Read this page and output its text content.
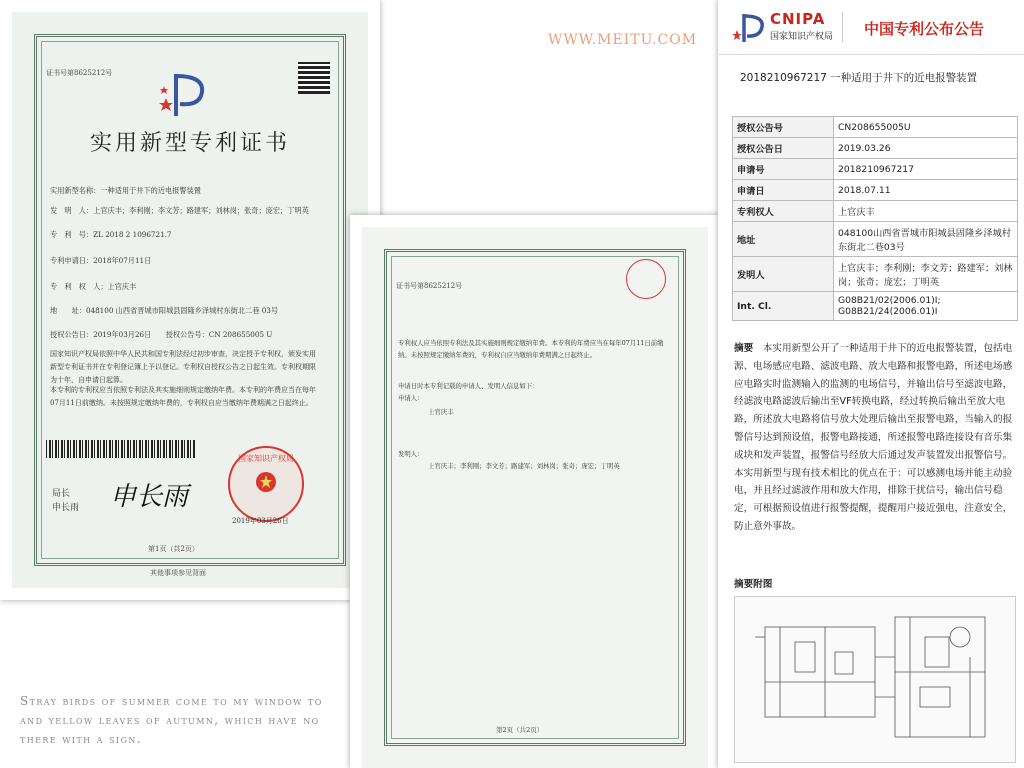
WWW.MEITU.COM
证书号第8625212号
实用新型专利证书
实用新型名称：一种适用于井下的近电报警装置
发　明　人：上官庆丰；李利刚；李文芳；路建军；刘林岗；张奇；庞宏；丁明英
专　利　号：ZL 2018 2 1096721.7
专利申请日：2018年07月11日
专　利　权　人：上官庆丰
地　　址：048100 山西省晋城市阳城县固隆乡泽城村东街北二巷 03号
授权公告日：2019年03月26日　　授权公告号：CN 208655005 U
国家知识产权局依照中华人民共和国专利法经过初步审查，决定授予专利权，颁发实用新型专利证书并在专利登记簿上予以登记。专利权自授权公告之日起生效。专利权期限为十年，自申请日起算。
本专利的专利权应当依照专利法及其实施细则规定缴纳年费。本专利的年费应当在每年07月11日前缴纳。未按照规定缴纳年费的，专利权自应当缴纳年费期满之日起终止。
局长
申长雨 申长雨
国家知识产权局
2019年03月26日
第1页（共2页）
其他事项参见背面
证书号第8625212号
专利权人应当依照专利法及其实施细则规定缴纳年费。本专利的年费应当在每年07月11日前缴纳。未按照规定缴纳年费的，专利权自应当缴纳年费期满之日起终止。
申请日时本专利记载的申请人、发明人信息如下：
申请人：
上官庆丰
发明人：
上官庆丰；李利刚；李文芳；路建军；刘林岗；张奇；庞宏；丁明英
第2页（共2页）
CNIPA
国家知识产权局 中国专利公布公告
2018210967217 一种适用于井下的近电报警装置
授权公告号	CN208655005U
授权公告日	2019.03.26
申请号	2018210967217
申请日	2018.07.11
专利权人	上官庆丰
地址	048100山西省晋城市阳城县固隆乡泽城村东街北二巷03号
发明人	上官庆丰；李利刚；李文芳；路建军；刘林岗；张奇；庞宏；丁明英
Int. Cl.	G08B21/02(2006.01)I; G08B21/24(2006.01)I
摘要　 本实用新型公开了一种适用于井下的近电报警装置，包括电源、电场感应电路、滤波电路、放大电路和报警电路，所述电场感应电路实时监测输入的监测的电场信号，并输出信号至滤波电路，经滤波电路滤波后输出至VF转换电路，经过转换后输出至放大电路，所述放大电路将信号放大处理后输出至报警电路，当输入的报警信号达到预设值，报警电路接通，所述报警电路连接设有音乐集成块和发声装置，报警信号经放大后通过发声装置发出报警信号。本实用新型与现有技术相比的优点在于：可以感测电场并能主动验电，并且经过滤波作用和放大作用，排除干扰信号，输出信号稳定，可根据预设值进行报警提醒，提醒用户接近强电，注意安全，防止意外事故。
摘要附图
Stray birds of summer come to my window to
and yellow leaves of autumn, which have no
there with a sign.
